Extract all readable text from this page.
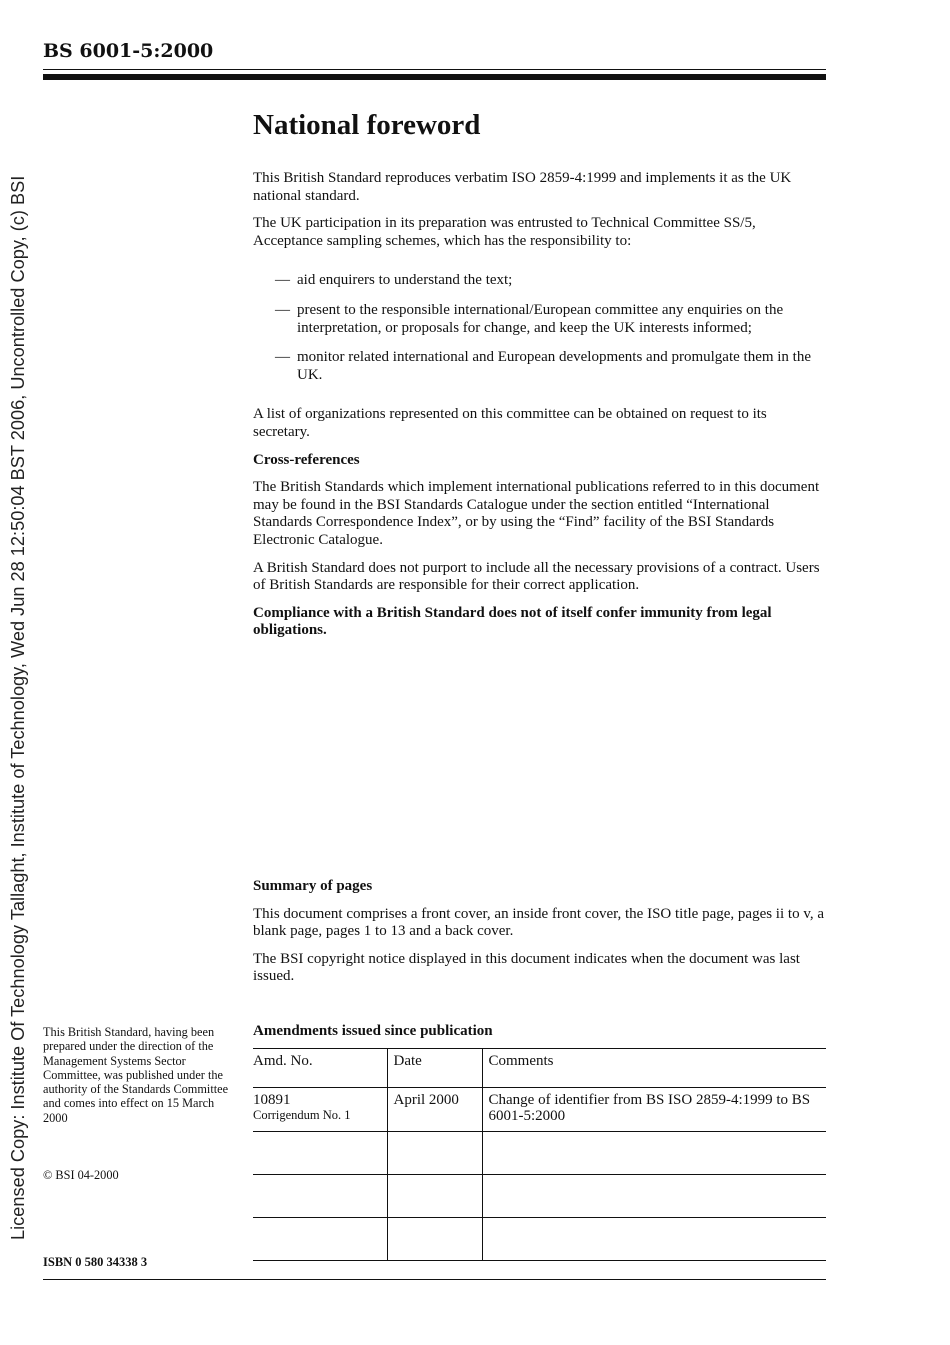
BS 6001-5:2000
Licensed Copy: Institute Of Technology Tallaght, Institute of Technology, Wed Jun 28 12:50:04 BST 2006, Uncontrolled Copy, (c) BSI
National foreword

This British Standard reproduces verbatim ISO 2859-4:1999 and implements it as the UK national standard.

The UK participation in its preparation was entrusted to Technical Committee SS/5, Acceptance sampling schemes, which has the responsibility to:

— aid enquirers to understand the text;
— present to the responsible international/European committee any enquiries on the interpretation, or proposals for change, and keep the UK interests informed;
— monitor related international and European developments and promulgate them in the UK.

A list of organizations represented on this committee can be obtained on request to its secretary.

Cross-references

The British Standards which implement international publications referred to in this document may be found in the BSI Standards Catalogue under the section entitled “International Standards Correspondence Index”, or by using the “Find” facility of the BSI Standards Electronic Catalogue.

A British Standard does not purport to include all the necessary provisions of a contract. Users of British Standards are responsible for their correct application.

Compliance with a British Standard does not of itself confer immunity from legal obligations.

Summary of pages

This document comprises a front cover, an inside front cover, the ISO title page, pages ii to v, a blank page, pages 1 to 13 and a back cover.

The BSI copyright notice displayed in this document indicates when the document was last issued.

Amendments issued since publication

Amd. No.	Date	Comments
10891
Corrigendum No. 1	April 2000	Change of identifier from BS ISO 2859-4:1999 to BS 6001-5:2000

This British Standard, having been prepared under the direction of the Management Systems Sector Committee, was published under the authority of the Standards Committee and comes into effect on 15 March 2000
© BSI 04-2000
ISBN 0 580 34338 3
